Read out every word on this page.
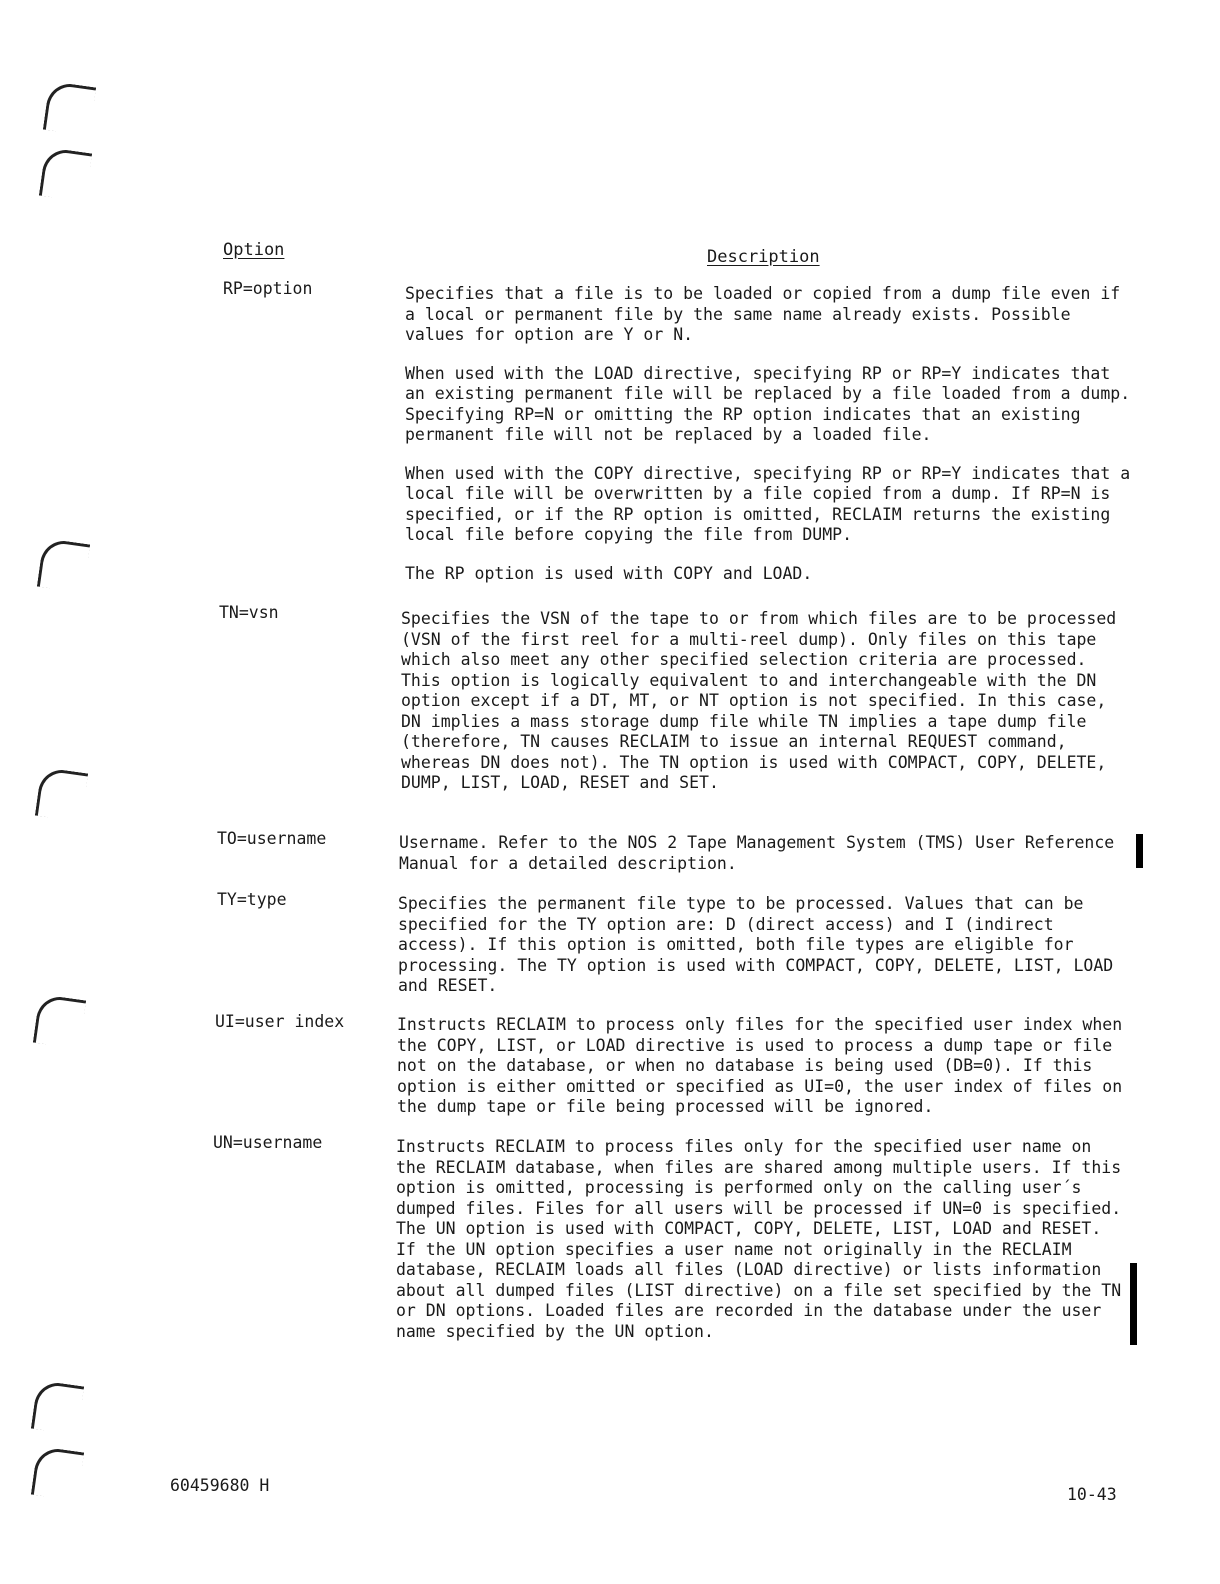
Option	Description
RP=option	Specifies that a file is to be loaded or copied from a dump file even if a local or permanent file by the same name already exists. Possible values for option are Y or N.

When used with the LOAD directive, specifying RP or RP=Y indicates that an existing permanent file will be replaced by a file loaded from a dump. Specifying RP=N or omitting the RP option indicates that an existing permanent file will not be replaced by a loaded file.

When used with the COPY directive, specifying RP or RP=Y indicates that a local file will be overwritten by a file copied from a dump. If RP=N is specified, or if the RP option is omitted, RECLAIM returns the existing local file before copying the file from DUMP.

The RP option is used with COPY and LOAD.

TN=vsn	Specifies the VSN of the tape to or from which files are to be processed (VSN of the first reel for a multi-reel dump). Only files on this tape which also meet any other specified selection criteria are processed. This option is logically equivalent to and interchangeable with the DN option except if a DT, MT, or NT option is not specified. In this case, DN implies a mass storage dump file while TN implies a tape dump file (therefore, TN causes RECLAIM to issue an internal REQUEST command, whereas DN does not). The TN option is used with COMPACT, COPY, DELETE, DUMP, LIST, LOAD, RESET and SET.

TO=username	Username. Refer to the NOS 2 Tape Management System (TMS) User Reference Manual for a detailed description.

TY=type	Specifies the permanent file type to be processed. Values that can be specified for the TY option are: D (direct access) and I (indirect access). If this option is omitted, both file types are eligible for processing. The TY option is used with COMPACT, COPY, DELETE, LIST, LOAD and RESET.

UI=user index	Instructs RECLAIM to process only files for the specified user index when the COPY, LIST, or LOAD directive is used to process a dump tape or file not on the database, or when no database is being used (DB=0). If this option is either omitted or specified as UI=0, the user index of files on the dump tape or file being processed will be ignored.

UN=username	Instructs RECLAIM to process files only for the specified user name on the RECLAIM database, when files are shared among multiple users. If this option is omitted, processing is performed only on the calling user´s dumped files. Files for all users will be processed if UN=0 is specified. The UN option is used with COMPACT, COPY, DELETE, LIST, LOAD and RESET. If the UN option specifies a user name not originally in the RECLAIM database, RECLAIM loads all files (LOAD directive) or lists information about all dumped files (LIST directive) on a file set specified by the TN or DN options. Loaded files are recorded in the database under the user name specified by the UN option.

60459680 H	10-43
